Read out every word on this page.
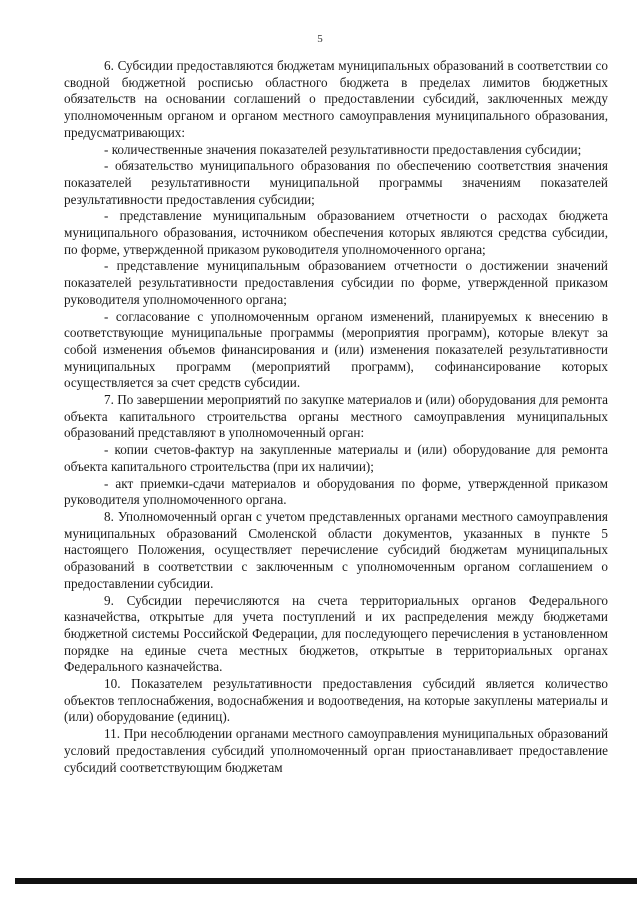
5

6. Субсидии предоставляются бюджетам муниципальных образований в соответствии со сводной бюджетной росписью областного бюджета в пределах лимитов бюджетных обязательств на основании соглашений о предоставлении субсидий, заключенных между уполномоченным органом и органом местного самоуправления муниципального образования, предусматривающих:

- количественные значения показателей результативности предоставления субсидии;

- обязательство муниципального образования по обеспечению соответствия значения показателей результативности муниципальной программы значениям показателей результативности предоставления субсидии;

- представление муниципальным образованием отчетности о расходах бюджета муниципального образования, источником обеспечения которых являются средства субсидии, по форме, утвержденной приказом руководителя уполномоченного органа;

- представление муниципальным образованием отчетности о достижении значений показателей результативности предоставления субсидии по форме, утвержденной приказом руководителя уполномоченного органа;

- согласование с уполномоченным органом изменений, планируемых к внесению в соответствующие муниципальные программы (мероприятия программ), которые влекут за собой изменения объемов финансирования и (или) изменения показателей результативности муниципальных программ (мероприятий программ), софинансирование которых осуществляется за счет средств субсидии.

7. По завершении мероприятий по закупке материалов и (или) оборудования для ремонта объекта капитального строительства органы местного самоуправления муниципальных образований представляют в уполномоченный орган:

- копии счетов-фактур на закупленные материалы и (или) оборудование для ремонта объекта капитального строительства (при их наличии);

- акт приемки-сдачи материалов и оборудования по форме, утвержденной приказом руководителя уполномоченного органа.

8. Уполномоченный орган с учетом представленных органами местного самоуправления муниципальных образований Смоленской области документов, указанных в пункте 5 настоящего Положения, осуществляет перечисление субсидий бюджетам муниципальных образований в соответствии с заключенным с уполномоченным органом соглашением о предоставлении субсидии.

9. Субсидии перечисляются на счета территориальных органов Федерального казначейства, открытые для учета поступлений и их распределения между бюджетами бюджетной системы Российской Федерации, для последующего перечисления в установленном порядке на единые счета местных бюджетов, открытые в территориальных органах Федерального казначейства.

10. Показателем результативности предоставления субсидий является количество объектов теплоснабжения, водоснабжения и водоотведения, на которые закуплены материалы и (или) оборудование (единиц).

11. При несоблюдении органами местного самоуправления муниципальных образований условий предоставления субсидий уполномоченный орган приостанавливает предоставление субсидий соответствующим бюджетам
